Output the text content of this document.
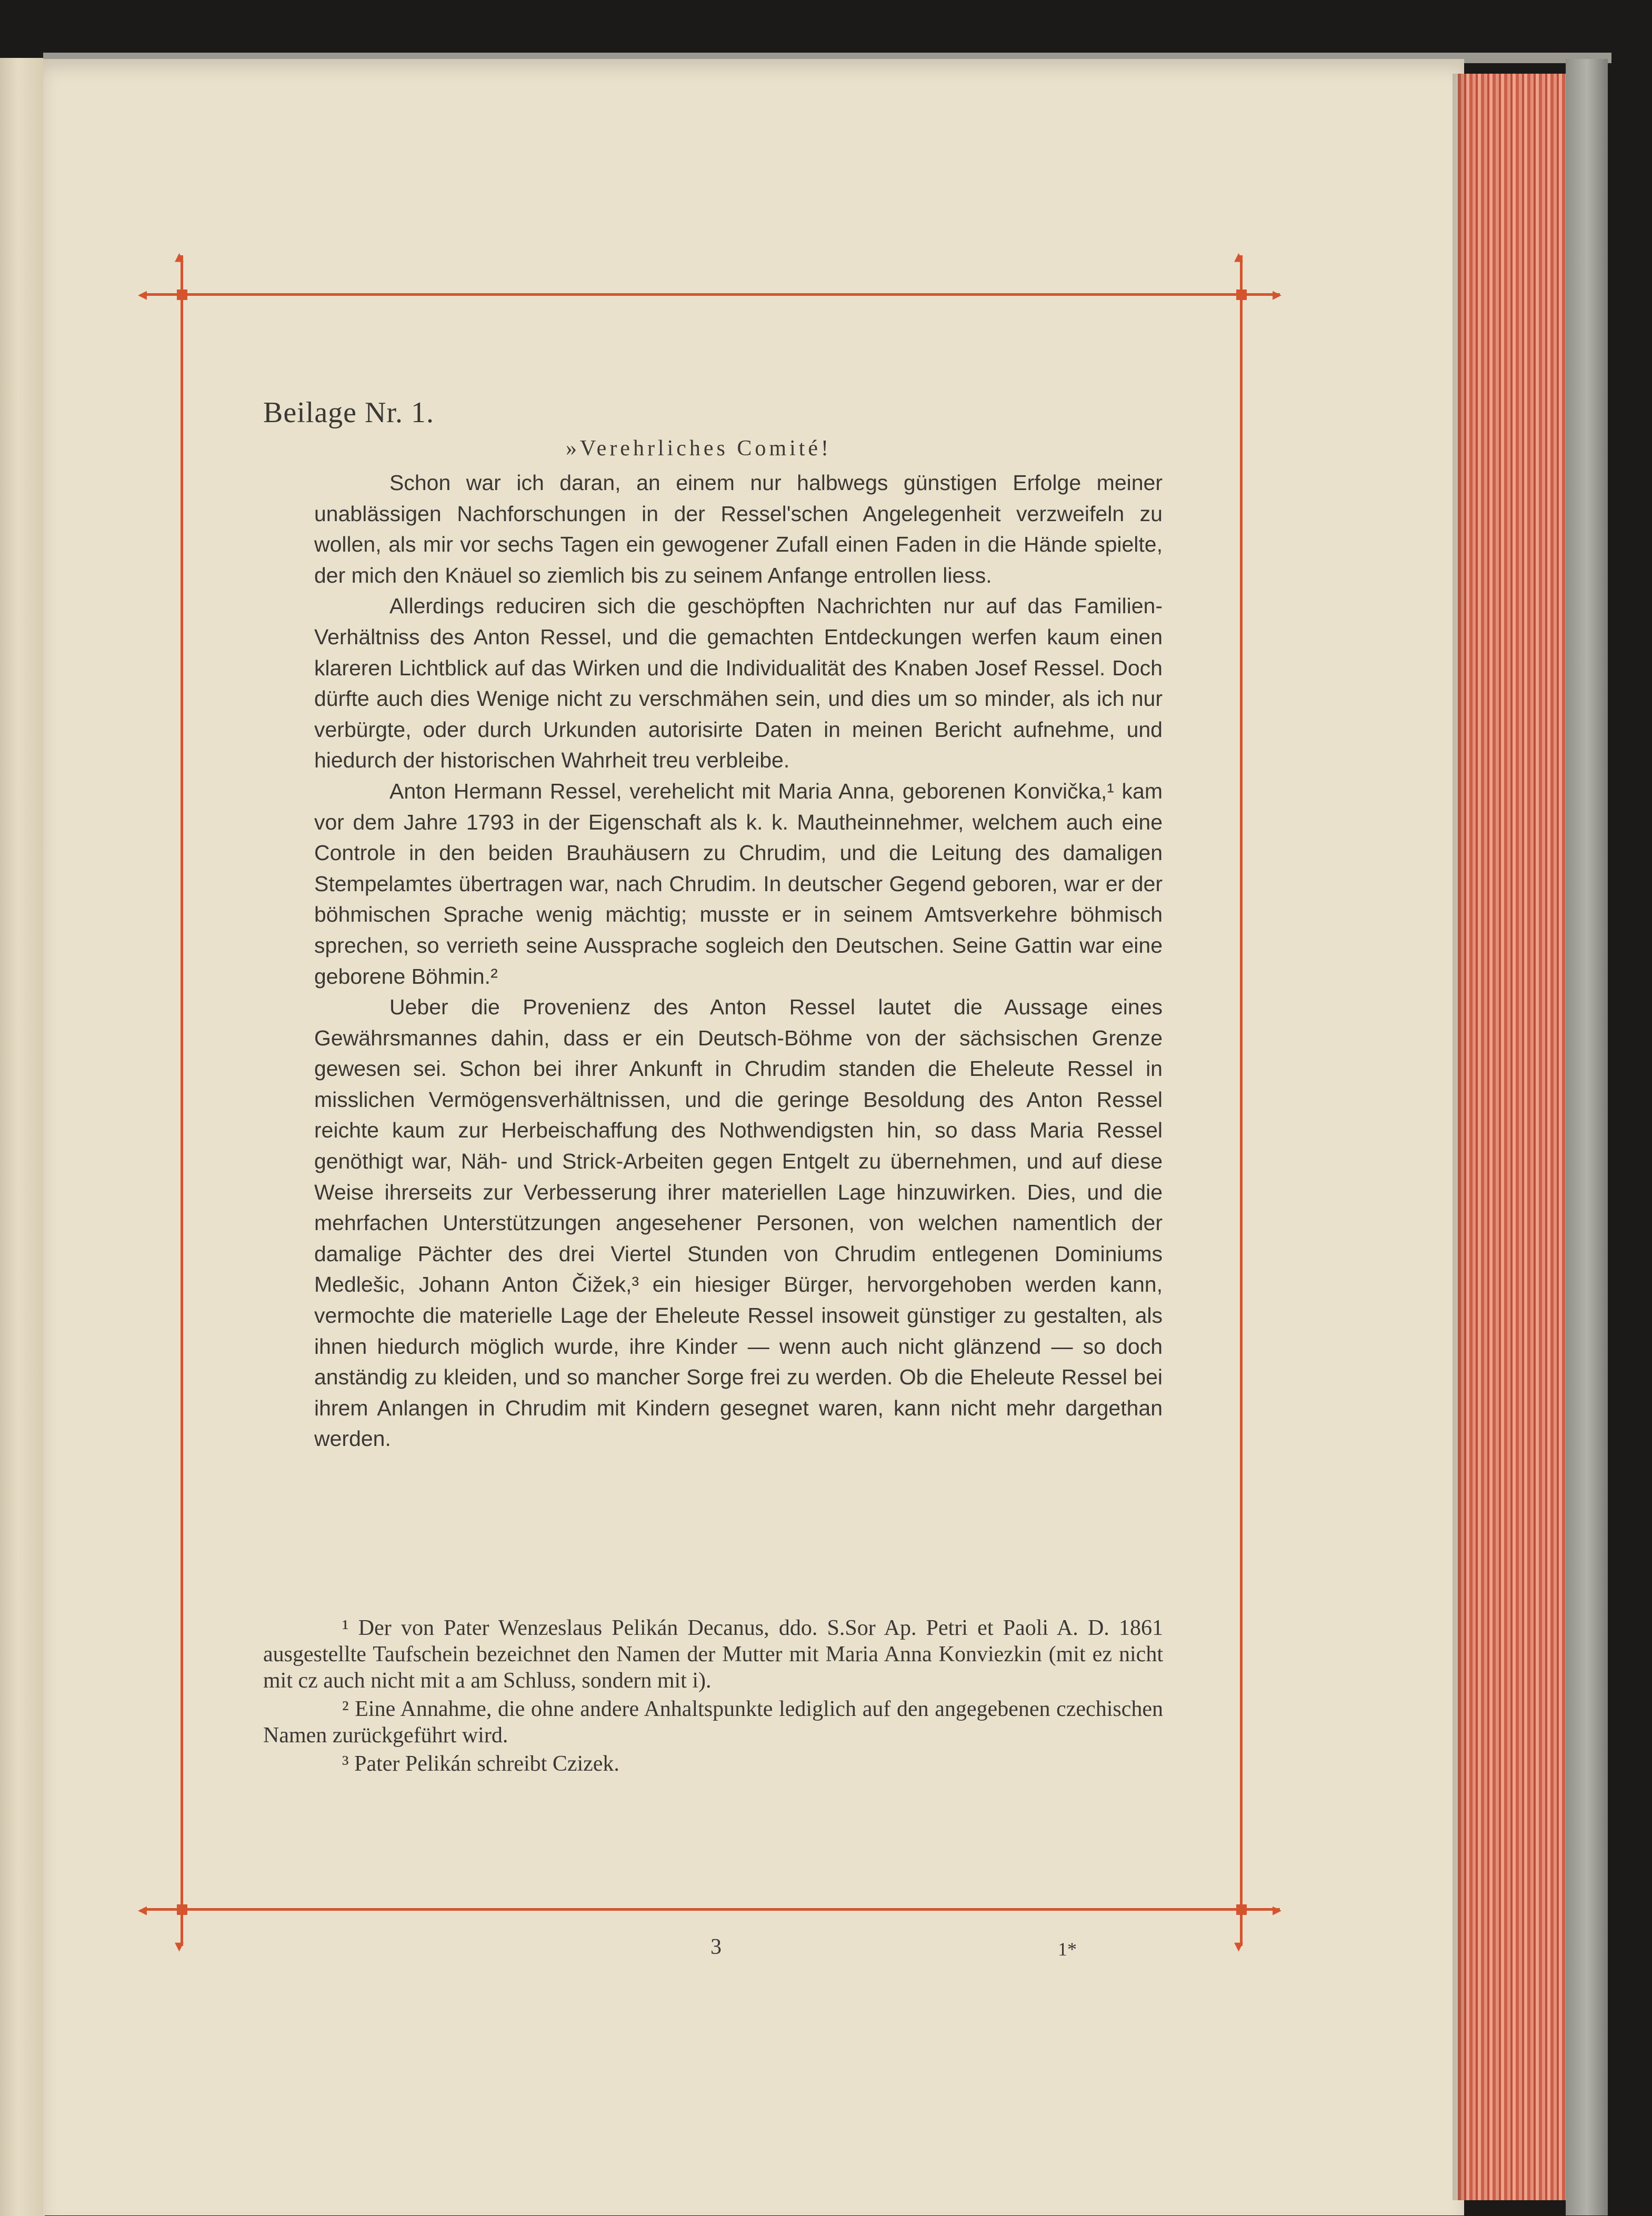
◂	▸
◂	▸
▴	▴
▾	▾
Beilage Nr. 1.
»Verehrliches Comité!

Schon war ich daran, an einem nur halbwegs günstigen Erfolge meiner unablässigen Nachforschungen in der Ressel'schen Angelegenheit verzweifeln zu wollen, als mir vor sechs Tagen ein gewogener Zufall einen Faden in die Hände spielte, der mich den Knäuel so ziemlich bis zu seinem Anfange entrollen liess.

Allerdings reduciren sich die geschöpften Nachrichten nur auf das Familien-Verhältniss des Anton Ressel, und die gemachten Entdeckungen werfen kaum einen klareren Lichtblick auf das Wirken und die Individualität des Knaben Josef Ressel. Doch dürfte auch dies Wenige nicht zu verschmähen sein, und dies um so minder, als ich nur verbürgte, oder durch Urkunden autorisirte Daten in meinen Bericht aufnehme, und hiedurch der historischen Wahrheit treu verbleibe.

Anton Hermann Ressel, verehelicht mit Maria Anna, geborenen Konvička,¹ kam vor dem Jahre 1793 in der Eigenschaft als k. k. Mautheinnehmer, welchem auch eine Controle in den beiden Brauhäusern zu Chrudim, und die Leitung des damaligen Stempelamtes übertragen war, nach Chrudim. In deutscher Gegend geboren, war er der böhmischen Sprache wenig mächtig; musste er in seinem Amtsverkehre böhmisch sprechen, so verrieth seine Aussprache sogleich den Deutschen. Seine Gattin war eine geborene Böhmin.²

Ueber die Provenienz des Anton Ressel lautet die Aussage eines Gewährsmannes dahin, dass er ein Deutsch-Böhme von der sächsischen Grenze gewesen sei. Schon bei ihrer Ankunft in Chrudim standen die Eheleute Ressel in misslichen Vermögensverhältnissen, und die geringe Besoldung des Anton Ressel reichte kaum zur Herbeischaffung des Nothwendigsten hin, so dass Maria Ressel genöthigt war, Näh- und Strick-Arbeiten gegen Entgelt zu übernehmen, und auf diese Weise ihrerseits zur Verbesserung ihrer materiellen Lage hinzuwirken. Dies, und die mehrfachen Unterstützungen angesehener Personen, von welchen namentlich der damalige Pächter des drei Viertel Stunden von Chrudim entlegenen Dominiums Medlešic, Johann Anton Čižek,³ ein hiesiger Bürger, hervorgehoben werden kann, vermochte die materielle Lage der Eheleute Ressel insoweit günstiger zu gestalten, als ihnen hiedurch möglich wurde, ihre Kinder — wenn auch nicht glänzend — so doch anständig zu kleiden, und so mancher Sorge frei zu werden. Ob die Eheleute Ressel bei ihrem Anlangen in Chrudim mit Kindern gesegnet waren, kann nicht mehr dargethan werden.

¹ Der von Pater Wenzeslaus Pelikán Decanus, ddo. S.Sor Ap. Petri et Paoli A. D. 1861 ausgestellte Taufschein bezeichnet den Namen der Mutter mit Maria Anna Konviezkin (mit ez nicht mit cz auch nicht mit a am Schluss, sondern mit i).

² Eine Annahme, die ohne andere Anhaltspunkte lediglich auf den angegebenen czechischen Namen zurückgeführt wird.

³ Pater Pelikán schreibt Czizek.

3	1*
